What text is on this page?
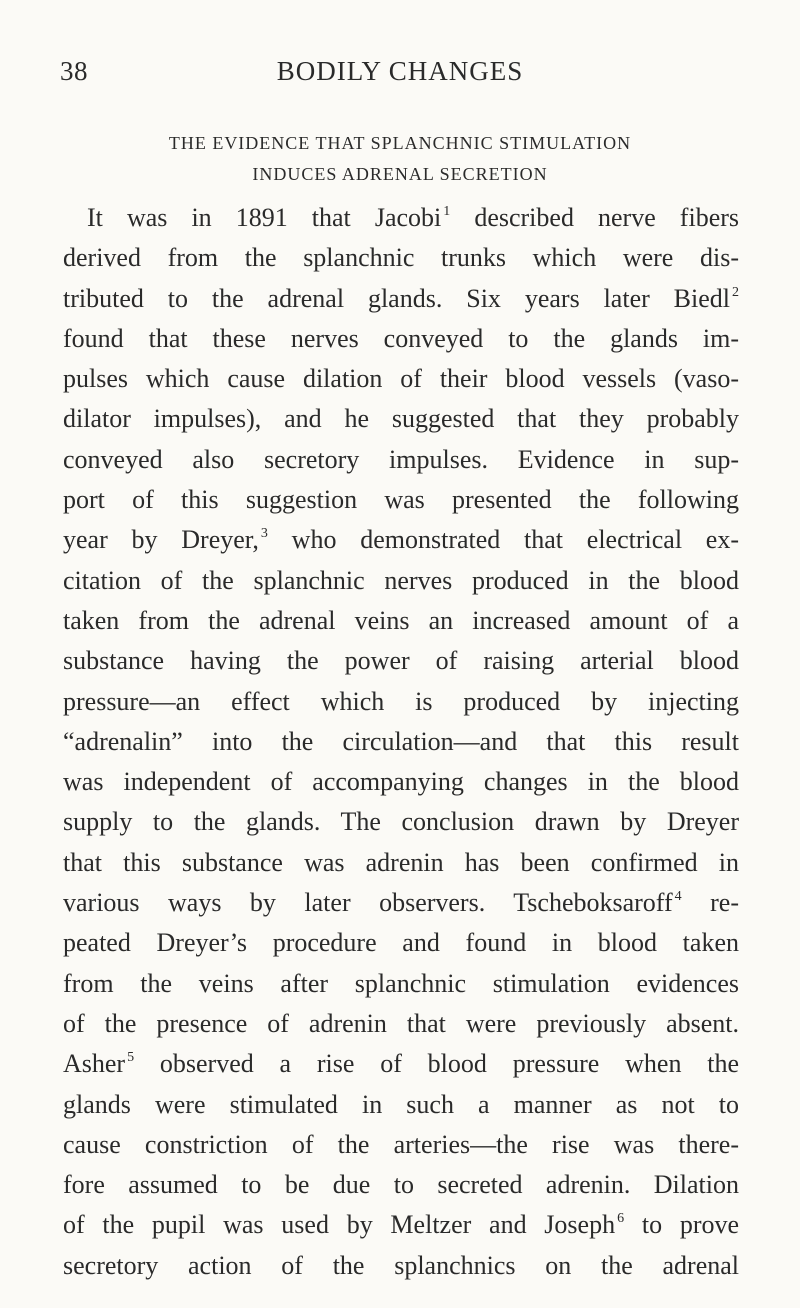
38	BODILY CHANGES
THE EVIDENCE THAT SPLANCHNIC STIMULATION
INDUCES ADRENAL SECRETION
It was in 1891 that Jacobi $^1$ described nerve fibers
derived from the splanchnic trunks which were dis-
tributed to the adrenal glands. Six years later Biedl $^2$
found that these nerves conveyed to the glands im-
pulses which cause dilation of their blood vessels (vaso-
dilator impulses), and he suggested that they probably
conveyed also secretory impulses. Evidence in sup-
port of this suggestion was presented the following
year by Dreyer, $^3$ who demonstrated that electrical ex-
citation of the splanchnic nerves produced in the blood
taken from the adrenal veins an increased amount of a
substance having the power of raising arterial blood
pressure—an effect which is produced by injecting
“adrenalin” into the circulation—and that this result
was independent of accompanying changes in the blood
supply to the glands. The conclusion drawn by Dreyer
that this substance was adrenin has been confirmed in
various ways by later observers. Tscheboksaroff $^4$ re-
peated Dreyer’s procedure and found in blood taken
from the veins after splanchnic stimulation evidences
of the presence of adrenin that were previously absent.
Asher $^5$ observed a rise of blood pressure when the
glands were stimulated in such a manner as not to
cause constriction of the arteries—the rise was there-
fore assumed to be due to secreted adrenin. Dilation
of the pupil was used by Meltzer and Joseph $^6$ to prove
secretory action of the splanchnics on the adrenal
